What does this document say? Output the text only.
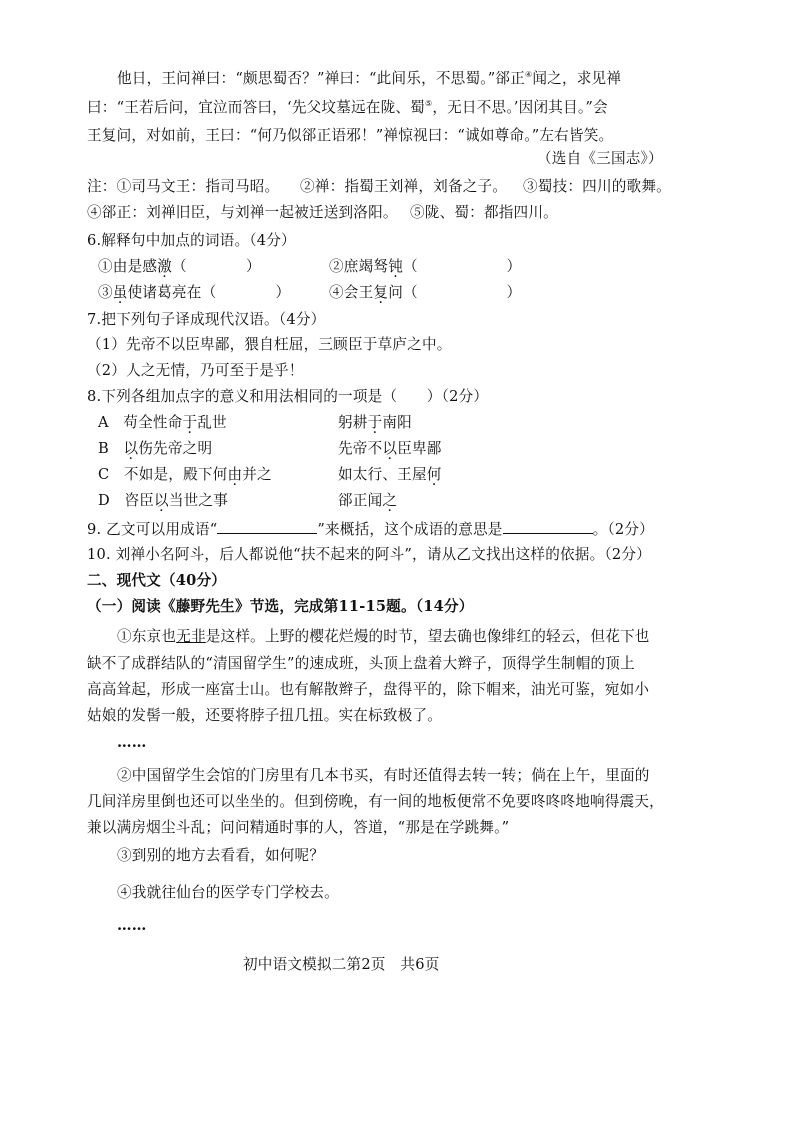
他日，王问禅曰：“颇思蜀否？”禅曰：“此间乐，不思蜀。”郤正④闻之，求见禅
曰：“王若后问，宜泣而答曰，‘先父坟墓远在陇、蜀⑤，无日不思。’因闭其目。”会
王复问，对如前，王曰：“何乃似郤正语邪！”禅惊视曰：“诚如尊命。”左右皆笑。
（选自《三国志》）
注：①司马文王：指司马昭。 ②禅：指蜀王刘禅，刘备之子。 ③蜀技：四川的歌舞。
④郤正：刘禅旧臣，与刘禅一起被迁送到洛阳。 ⑤陇、蜀：都指四川。
6.解释句中加点的词语。（4分）
①由是感激（　　　　）	②庶竭驽钝（　　　　　　）
③虽使诸葛亮在（　　　　）	④会王复问（　　　　　　）
7.把下列句子译成现代汉语。（4分）
（1）先帝不以臣卑鄙，猥自枉屈，三顾臣于草庐之中。
（2）人之无情，乃可至于是乎！
8.下列各组加点字的意义和用法相同的一项是（　　）（2分）
A 苟全性命于乱世	躬耕于南阳
B 以伤先帝之明	先帝不以臣卑鄙
C 不如是，殿下何由并之	如太行、王屋何
D 咨臣以当世之事	郤正闻之
9. 乙文可以用成语“	”来概括，这个成语的意思是	。（2分）
10. 刘禅小名阿斗，后人都说他“扶不起来的阿斗”，请从乙文找出这样的依据。（2分）
二、现代文（40分）
（一）阅读《藤野先生》节选，完成第11-15题。（14分）
①东京也无非是这样。上野的樱花烂熳的时节，望去确也像绯红的轻云，但花下也
缺不了成群结队的“清国留学生”的速成班，头顶上盘着大辫子，顶得学生制帽的顶上
高高耸起，形成一座富士山。也有解散辫子，盘得平的，除下帽来，油光可鉴，宛如小
姑娘的发髻一般，还要将脖子扭几扭。实在标致极了。
……
②中国留学生会馆的门房里有几本书买，有时还值得去转一转；倘在上午，里面的
几间洋房里倒也还可以坐坐的。但到傍晚，有一间的地板便常不免要咚咚咚地响得震天，
兼以满房烟尘斗乱；问问精通时事的人，答道，“那是在学跳舞。”
③到别的地方去看看，如何呢？
④我就往仙台的医学专门学校去。
……
初中语文模拟二第2页　共6页
